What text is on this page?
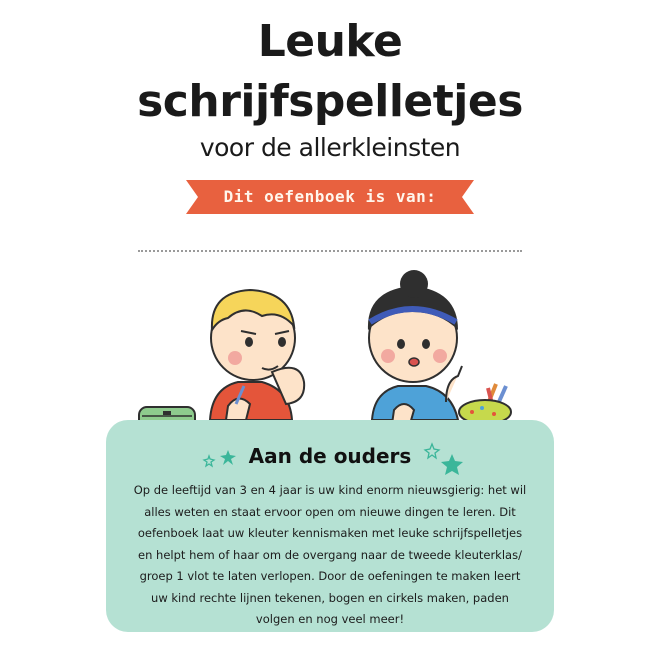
Leuke
schrijfspelletjes
voor de allerkleinsten
Dit oefenboek is van:
Aan de ouders

Op de leeftijd van 3 en 4 jaar is uw kind enorm nieuwsgierig: het wil alles weten en staat ervoor open om nieuwe dingen te leren. Dit oefenboek laat uw kleuter kennismaken met leuke schrijfspelletjes en helpt hem of haar om de overgang naar de tweede kleuterklas/ groep 1 vlot te laten verlopen. Door de oefeningen te maken leert uw kind rechte lijnen tekenen, bogen en cirkels maken, paden volgen en nog veel meer!
